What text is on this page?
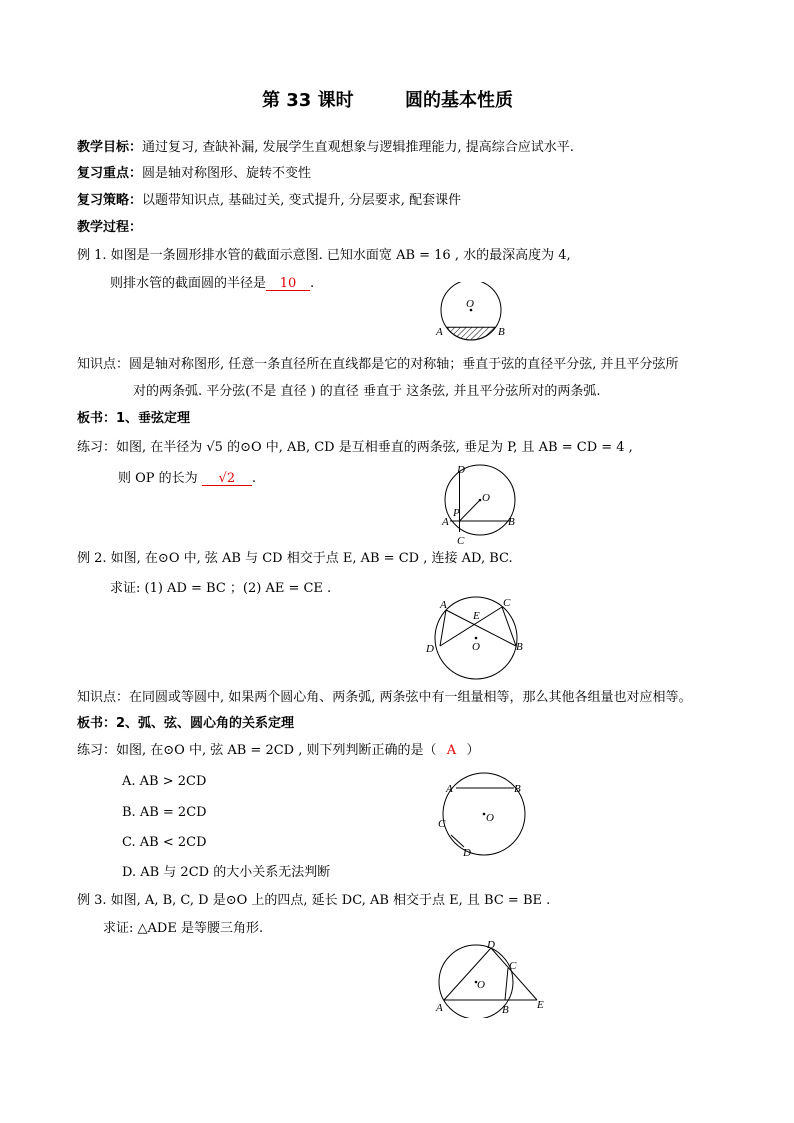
第 33 课时	圆的基本性质
教学目标：通过复习, 查缺补漏, 发展学生直观想象与逻辑推理能力, 提高综合应试水平.
复习重点：圆是轴对称图形、旋转不变性
复习策略：以题带知识点, 基础过关, 变式提升, 分层要求, 配套课件
教学过程：
例 1. 如图是一条圆形排水管的截面示意图. 已知水面宽 AB = 16 , 水的最深高度为 4,
则排水管的截面圆的半径是 10 .
O
A	B
知识点：圆是轴对称图形, 任意一条直径所在直线都是它的对称轴；垂直于弦的直径平分弦, 并且平分弦所
对的两条弧. 平分弦(不是 直径 ) 的直径 垂直于 这条弦, 并且平分弦所对的两条弧.
板书：1、垂弦定理
练习：如图, 在半径为 √5 的⊙O 中, AB, CD 是互相垂直的两条弦, 垂足为 P, 且 AB = CD = 4 ,
则 OP 的长为 √2 .
D
O
P
A	B
C
例 2. 如图, 在⊙O 中, 弦 AB 与 CD 相交于点 E, AB = CD , 连接 AD, BC.
求证: (1) AD = BC ；(2) AE = CE .
A
E
C
O
D	B
知识点：在同圆或等圆中, 如果两个圆心角、两条弧, 两条弦中有一组量相等，那么其他各组量也对应相等。
板书：2、弧、弦、圆心角的关系定理
练习：如图, 在⊙O 中, 弦 AB = 2CD , 则下列判断正确的是（ A ）
A. AB > 2CD
B. AB = 2CD
C. AB < 2CD
D. AB 与 2CD 的大小关系无法判断
A	B
O
C
D
例 3. 如图, A, B, C, D 是⊙O 上的四点, 延长 DC, AB 相交于点 E, 且 BC = BE .
求证: △ADE 是等腰三角形.
D
C
O
A	B	E
